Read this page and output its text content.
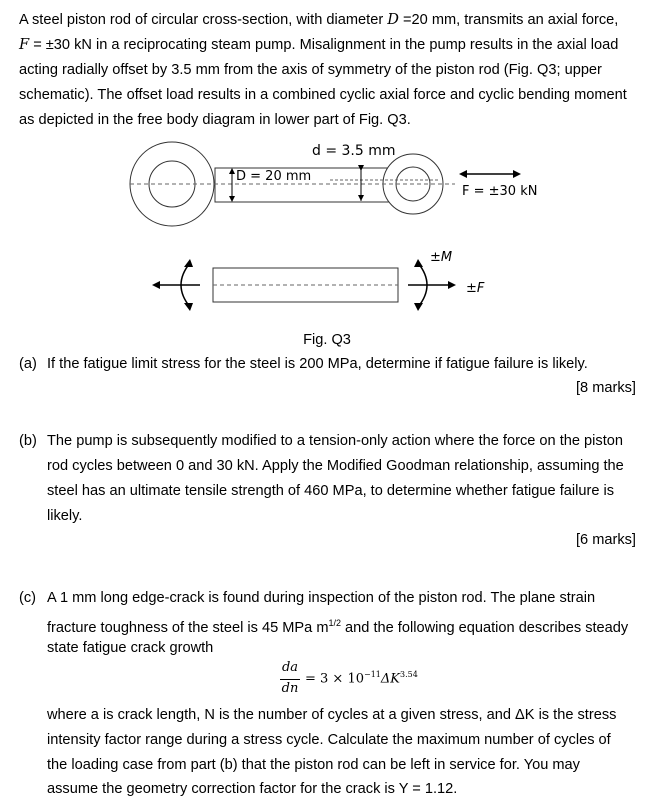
A steel piston rod of circular cross-section, with diameter D =20 mm, transmits an axial force,
F = ±30 kN in a reciprocating steam pump. Misalignment in the pump results in the axial load
acting radially offset by 3.5 mm from the axis of symmetry of the piston rod (Fig. Q3; upper
schematic). The offset load results in a combined cyclic axial force and cyclic bending moment
as depicted in the free body diagram in lower part of Fig. Q3.
d = 3.5 mm
D = 20 mm
F = ±30 kN
±M
±F
Fig. Q3
(a) If the fatigue limit stress for the steel is 200 MPa, determine if fatigue failure is likely.
[8 marks]
(b) The pump is subsequently modified to a tension-only action where the force on the piston
rod cycles between 0 and 30 kN. Apply the Modified Goodman relationship, assuming the
steel has an ultimate tensile strength of 460 MPa, to determine whether fatigue failure is
likely.
[6 marks]
(c) A 1 mm long edge-crack is found during inspection of the piston rod. The plane strain
fracture toughness of the steel is 45 MPa $m^{1/2}$ and the following equation describes steady
state fatigue crack growth
da
dn
= $3 \times 10^{-11}\Delta K^{3.54}$
where a is crack length, N is the number of cycles at a given stress, and ΔK is the stress
intensity factor range during a stress cycle. Calculate the maximum number of cycles of
the loading case from part (b) that the piston rod can be left in service for. You may
assume the geometry correction factor for the crack is Y = 1.12.
